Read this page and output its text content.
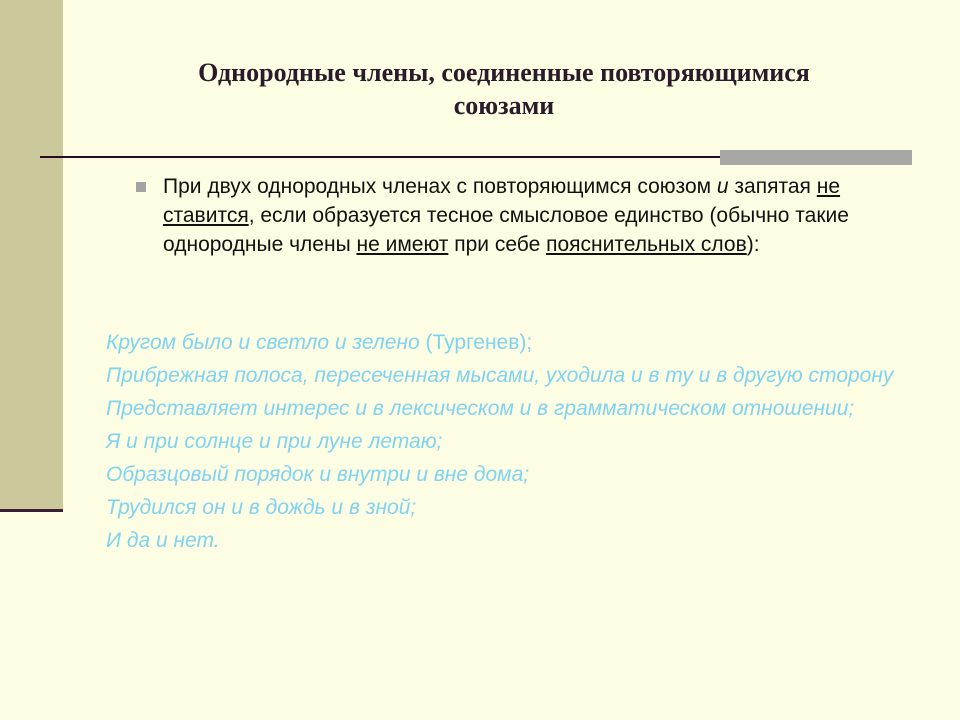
Однородные члены, соединенные повторяющимися
союзами

При двух однородных членах с повторяющимся союзом и запятая не ставится, если образуется тесное смысловое единство (обычно такие однородные члены не имеют при себе пояснительных слов):

Кругом было и светло и зелено (Тургенев);
Прибрежная полоса, пересеченная мысами, уходила и в ту и в другую сторону
Представляет интерес и в лексическом и в грамматическом отношении;
Я и при солнце и при луне летаю;
Образцовый порядок и внутри и вне дома;
Трудился он и в дождь и в зной;
И да и нет.
